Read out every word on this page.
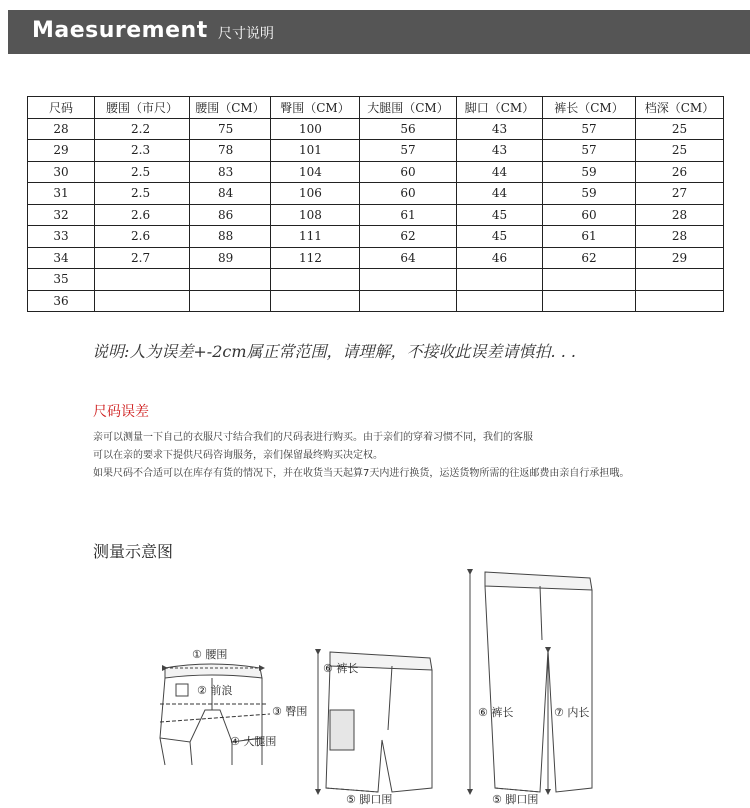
Maesurement 尺寸说明
尺码	腰围（市尺）	腰围（CM）	臀围（CM）	大腿围（CM）	脚口（CM）	裤长（CM）	档深（CM）
28	2.2	75	100	56	43	57	25
29	2.3	78	101	57	43	57	25
30	2.5	83	104	60	44	59	26
31	2.5	84	106	60	44	59	27
32	2.6	86	108	61	45	60	28
33	2.6	88	111	62	45	61	28
34	2.7	89	112	64	46	62	29
35							
36							
说明:人为误差+-2cm属正常范围，请理解，不接收此误差请慎拍. . .
尺码误差
亲可以测量一下自己的衣服尺寸结合我们的尺码表进行购买。由于亲们的穿着习惯不同，我们的客服
可以在亲的要求下提供尺码咨询服务，亲们保留最终购买决定权。
如果尺码不合适可以在库存有货的情况下，并在收货当天起算7天内进行换货，运送货物所需的往返邮费由亲自行承担哦。
测量示意图
① 腰围
② 前浪
③ 臀围
④ 大腿围
⑥ 裤长
⑤ 脚口围
⑥ 裤长	⑦ 内长
⑤ 脚口围
